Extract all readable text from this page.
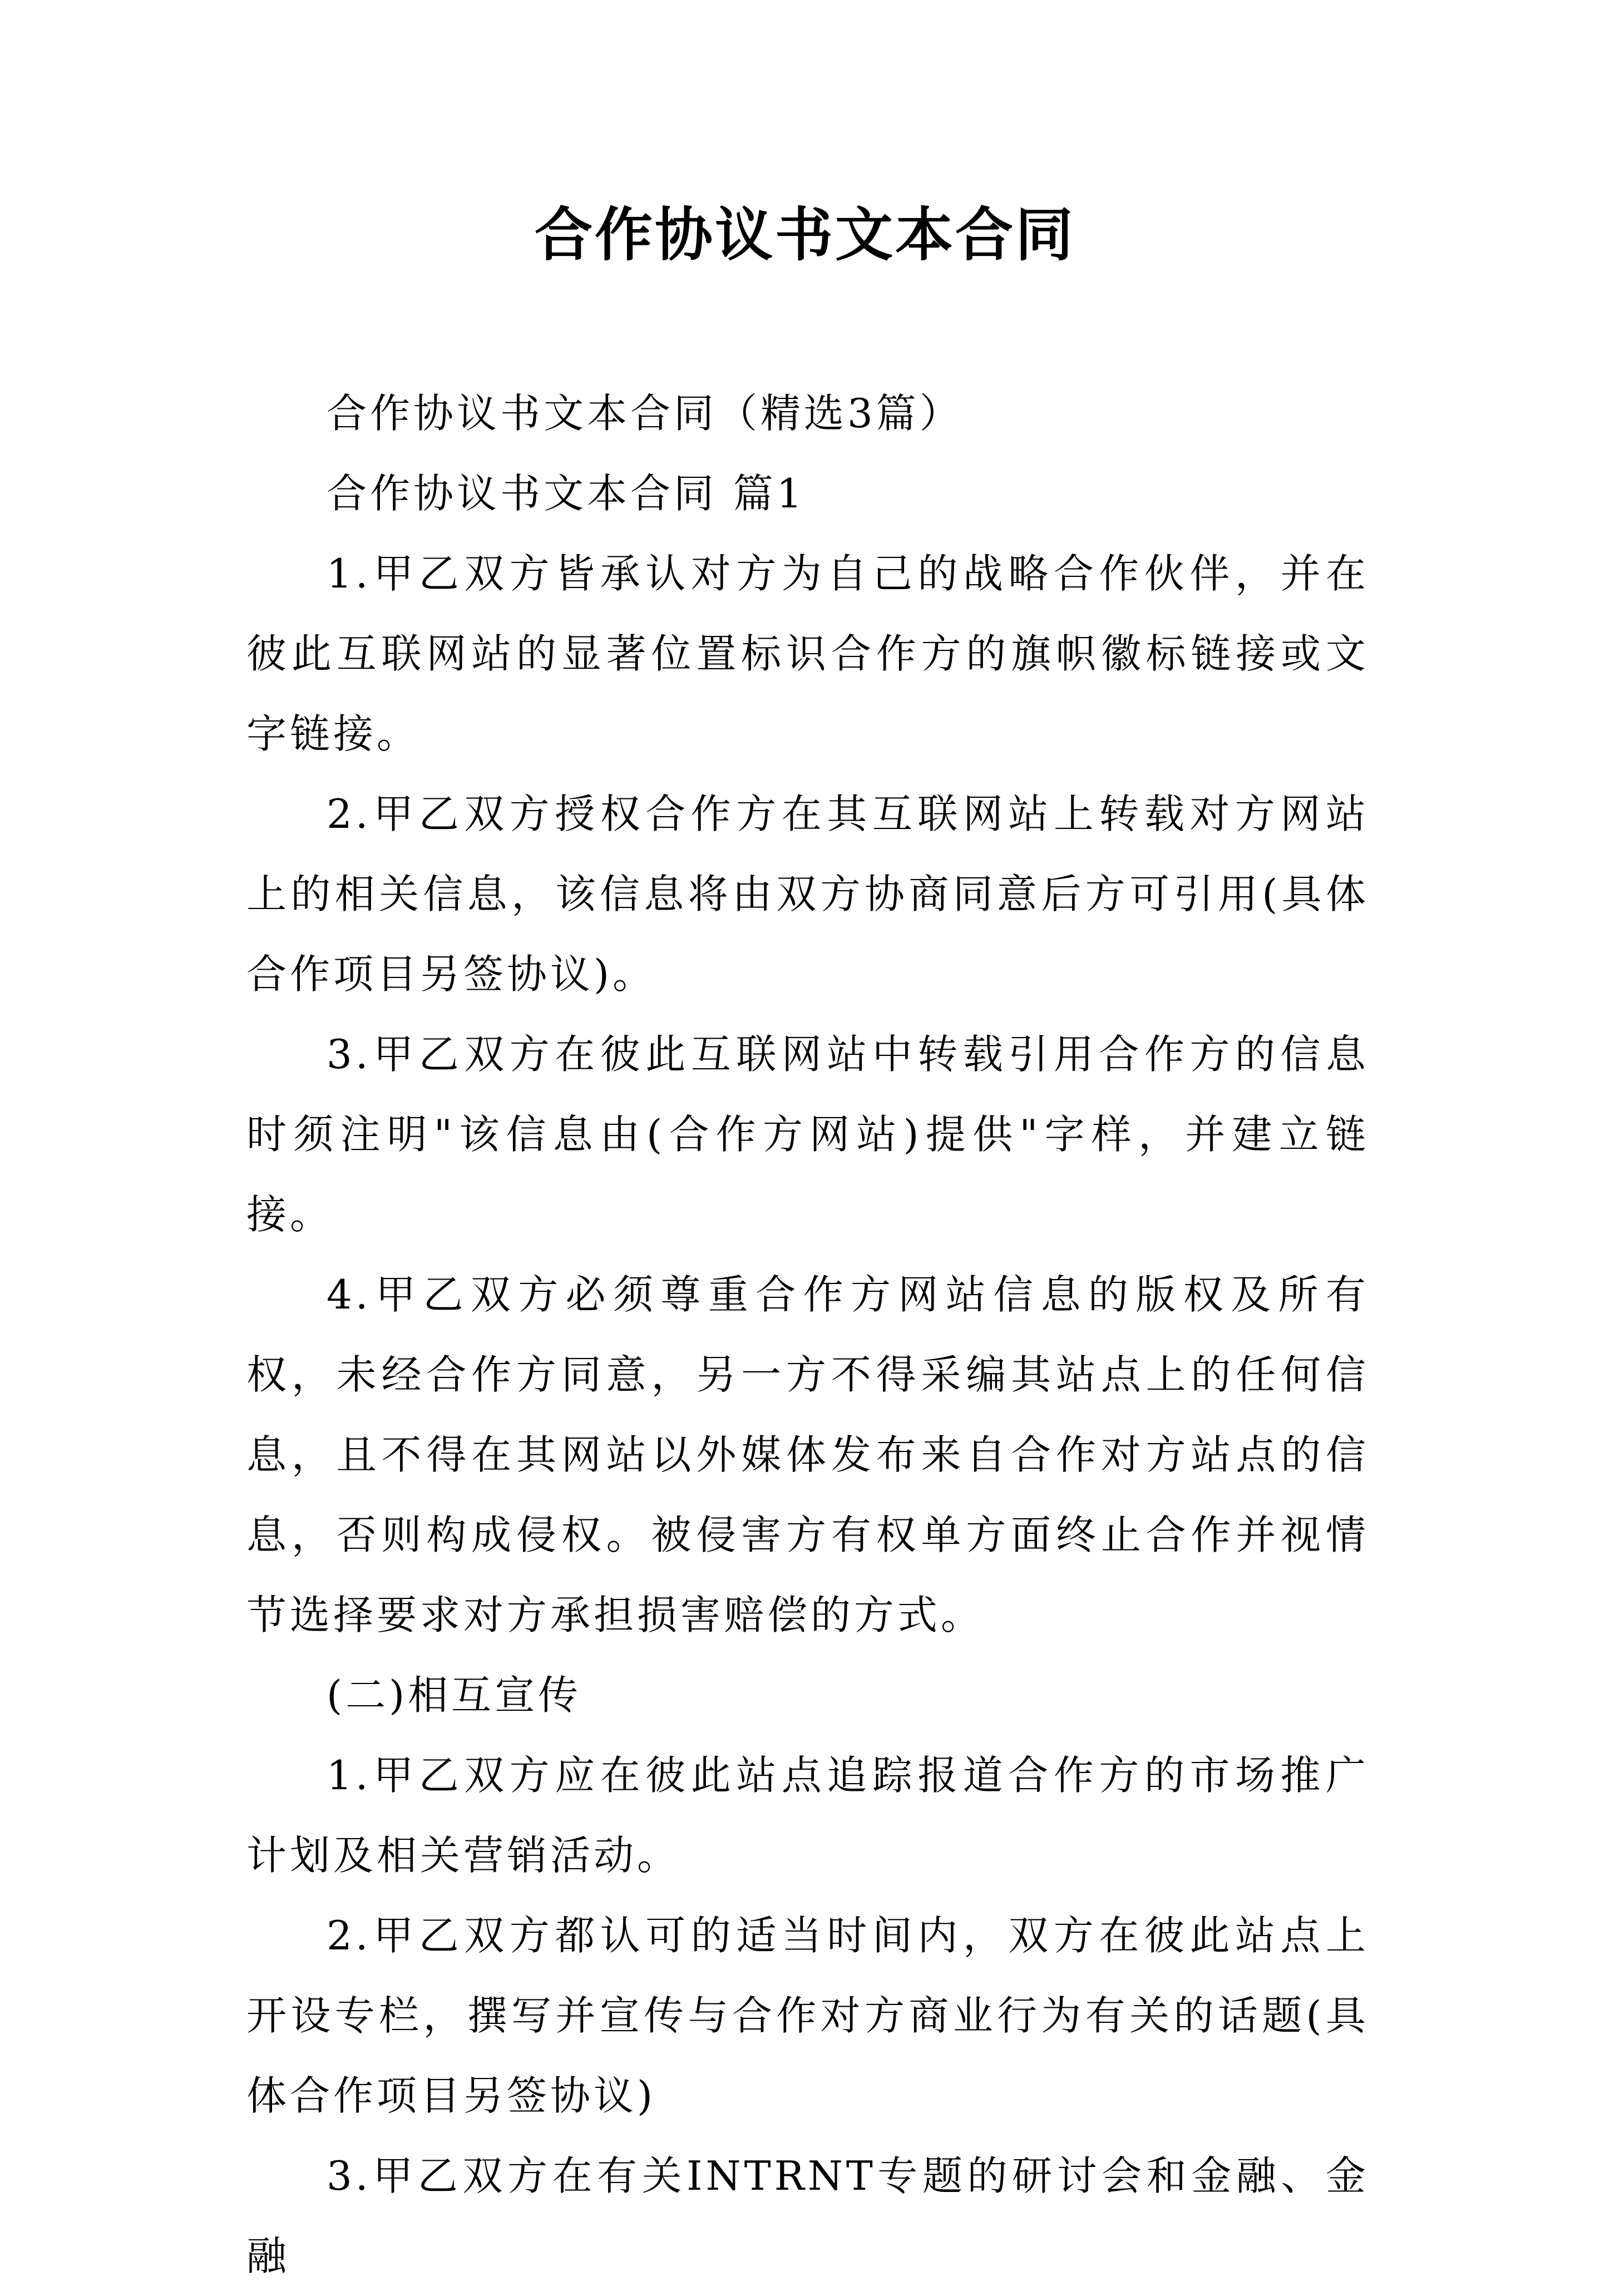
合作协议书文本合同

合作协议书文本合同（精选3篇）

合作协议书文本合同 篇1

1.甲乙双方皆承认对方为自己的战略合作伙伴，并在彼此互联网站的显著位置标识合作方的旗帜徽标链接或文字链接。

2.甲乙双方授权合作方在其互联网站上转载对方网站上的相关信息，该信息将由双方协商同意后方可引用(具体合作项目另签协议)。

3.甲乙双方在彼此互联网站中转载引用合作方的信息时须注明"该信息由(合作方网站)提供"字样，并建立链接。

4.甲乙双方必须尊重合作方网站信息的版权及所有权，未经合作方同意，另一方不得采编其站点上的任何信息，且不得在其网站以外媒体发布来自合作对方站点的信息，否则构成侵权。被侵害方有权单方面终止合作并视情节选择要求对方承担损害赔偿的方式。

(二)相互宣传

1.甲乙双方应在彼此站点追踪报道合作方的市场推广计划及相关营销活动。

2.甲乙双方都认可的适当时间内，双方在彼此站点上开设专栏，撰写并宣传与合作对方商业行为有关的话题(具体合作项目另签协议)

3.甲乙双方在有关INTRNT专题的研讨会和金融、金融
